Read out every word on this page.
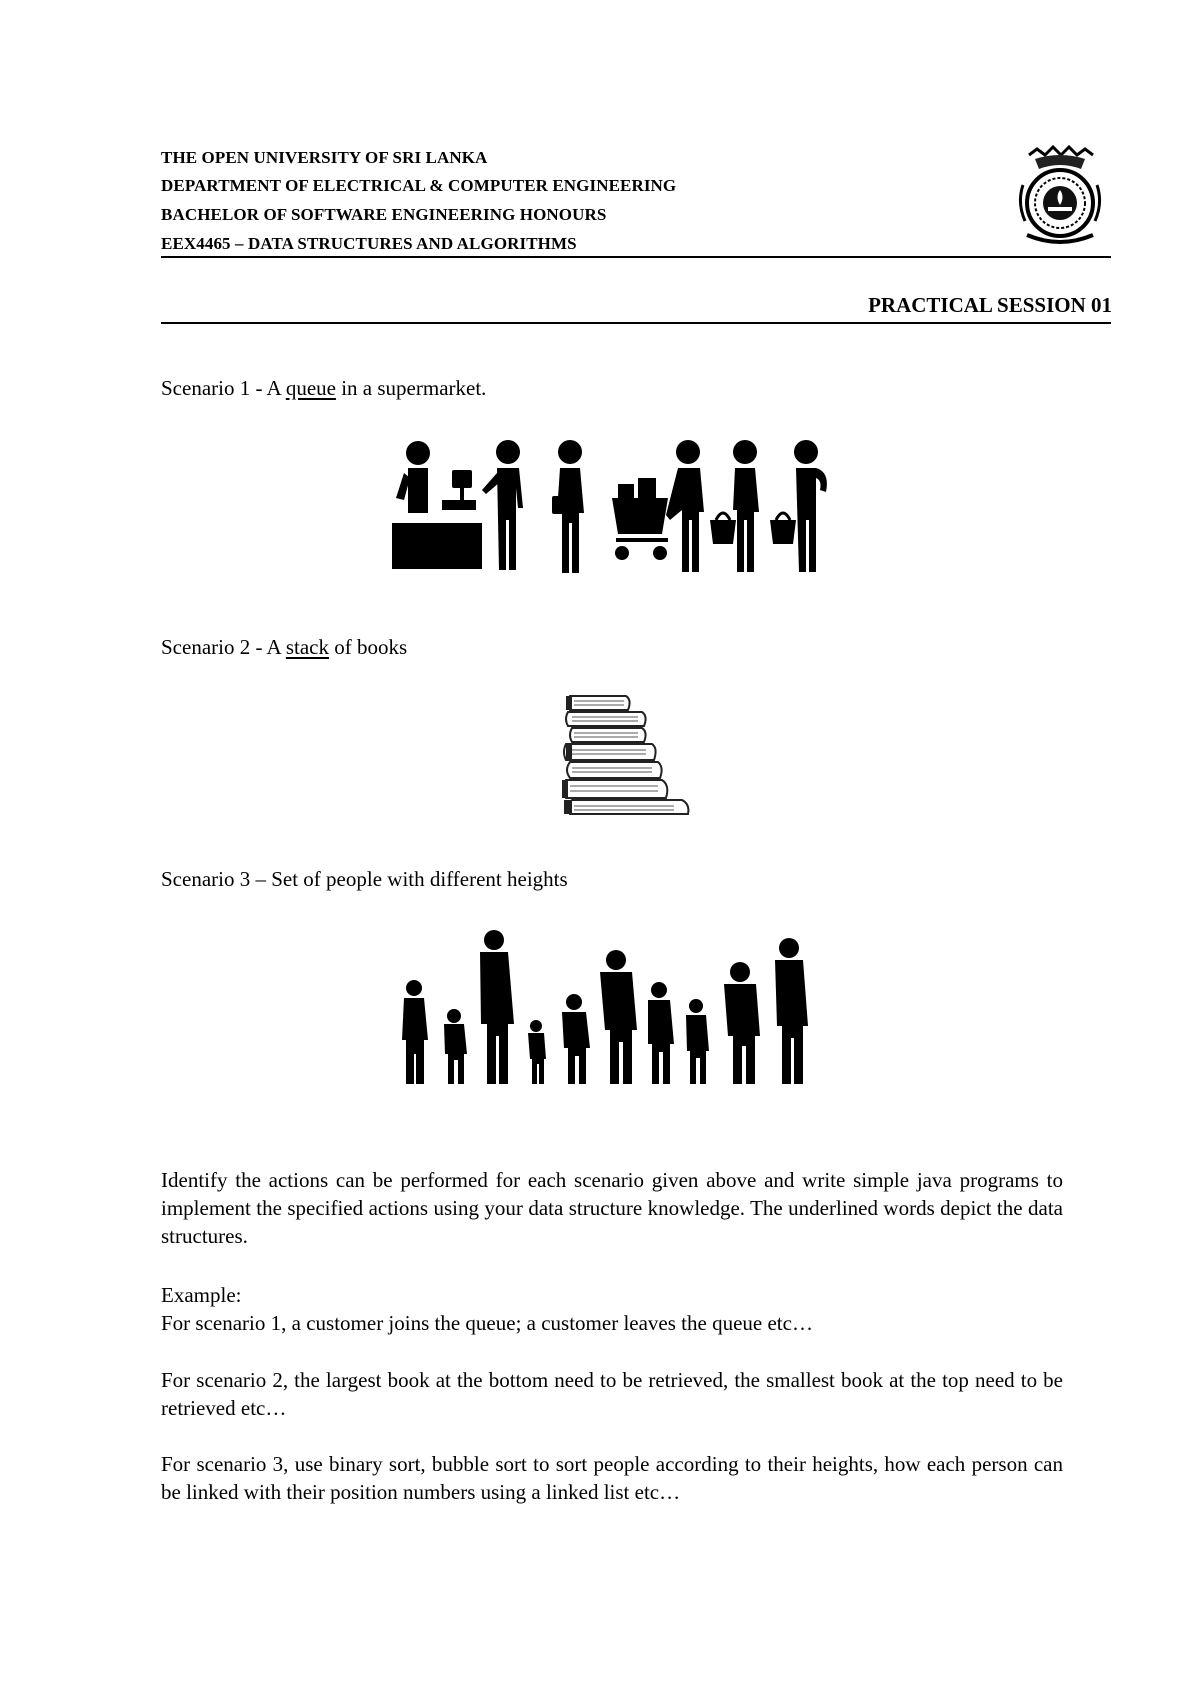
THE OPEN UNIVERSITY OF SRI LANKA
DEPARTMENT OF ELECTRICAL & COMPUTER ENGINEERING
BACHELOR OF SOFTWARE ENGINEERING HONOURS
EEX4465 – DATA STRUCTURES AND ALGORITHMS
PRACTICAL SESSION 01
Scenario 1 - A queue in a supermarket.
Scenario 2 - A stack of books
Scenario 3 – Set of people with different heights
Identify the actions can be performed for each scenario given above and write simple java programs to implement the specified actions using your data structure knowledge. The underlined words depict the data structures.
Example:
For scenario 1, a customer joins the queue; a customer leaves the queue etc…
For scenario 2, the largest book at the bottom need to be retrieved, the smallest book at the top need to be retrieved etc…
For scenario 3, use binary sort, bubble sort to sort people according to their heights, how each person can be linked with their position numbers using a linked list etc…
